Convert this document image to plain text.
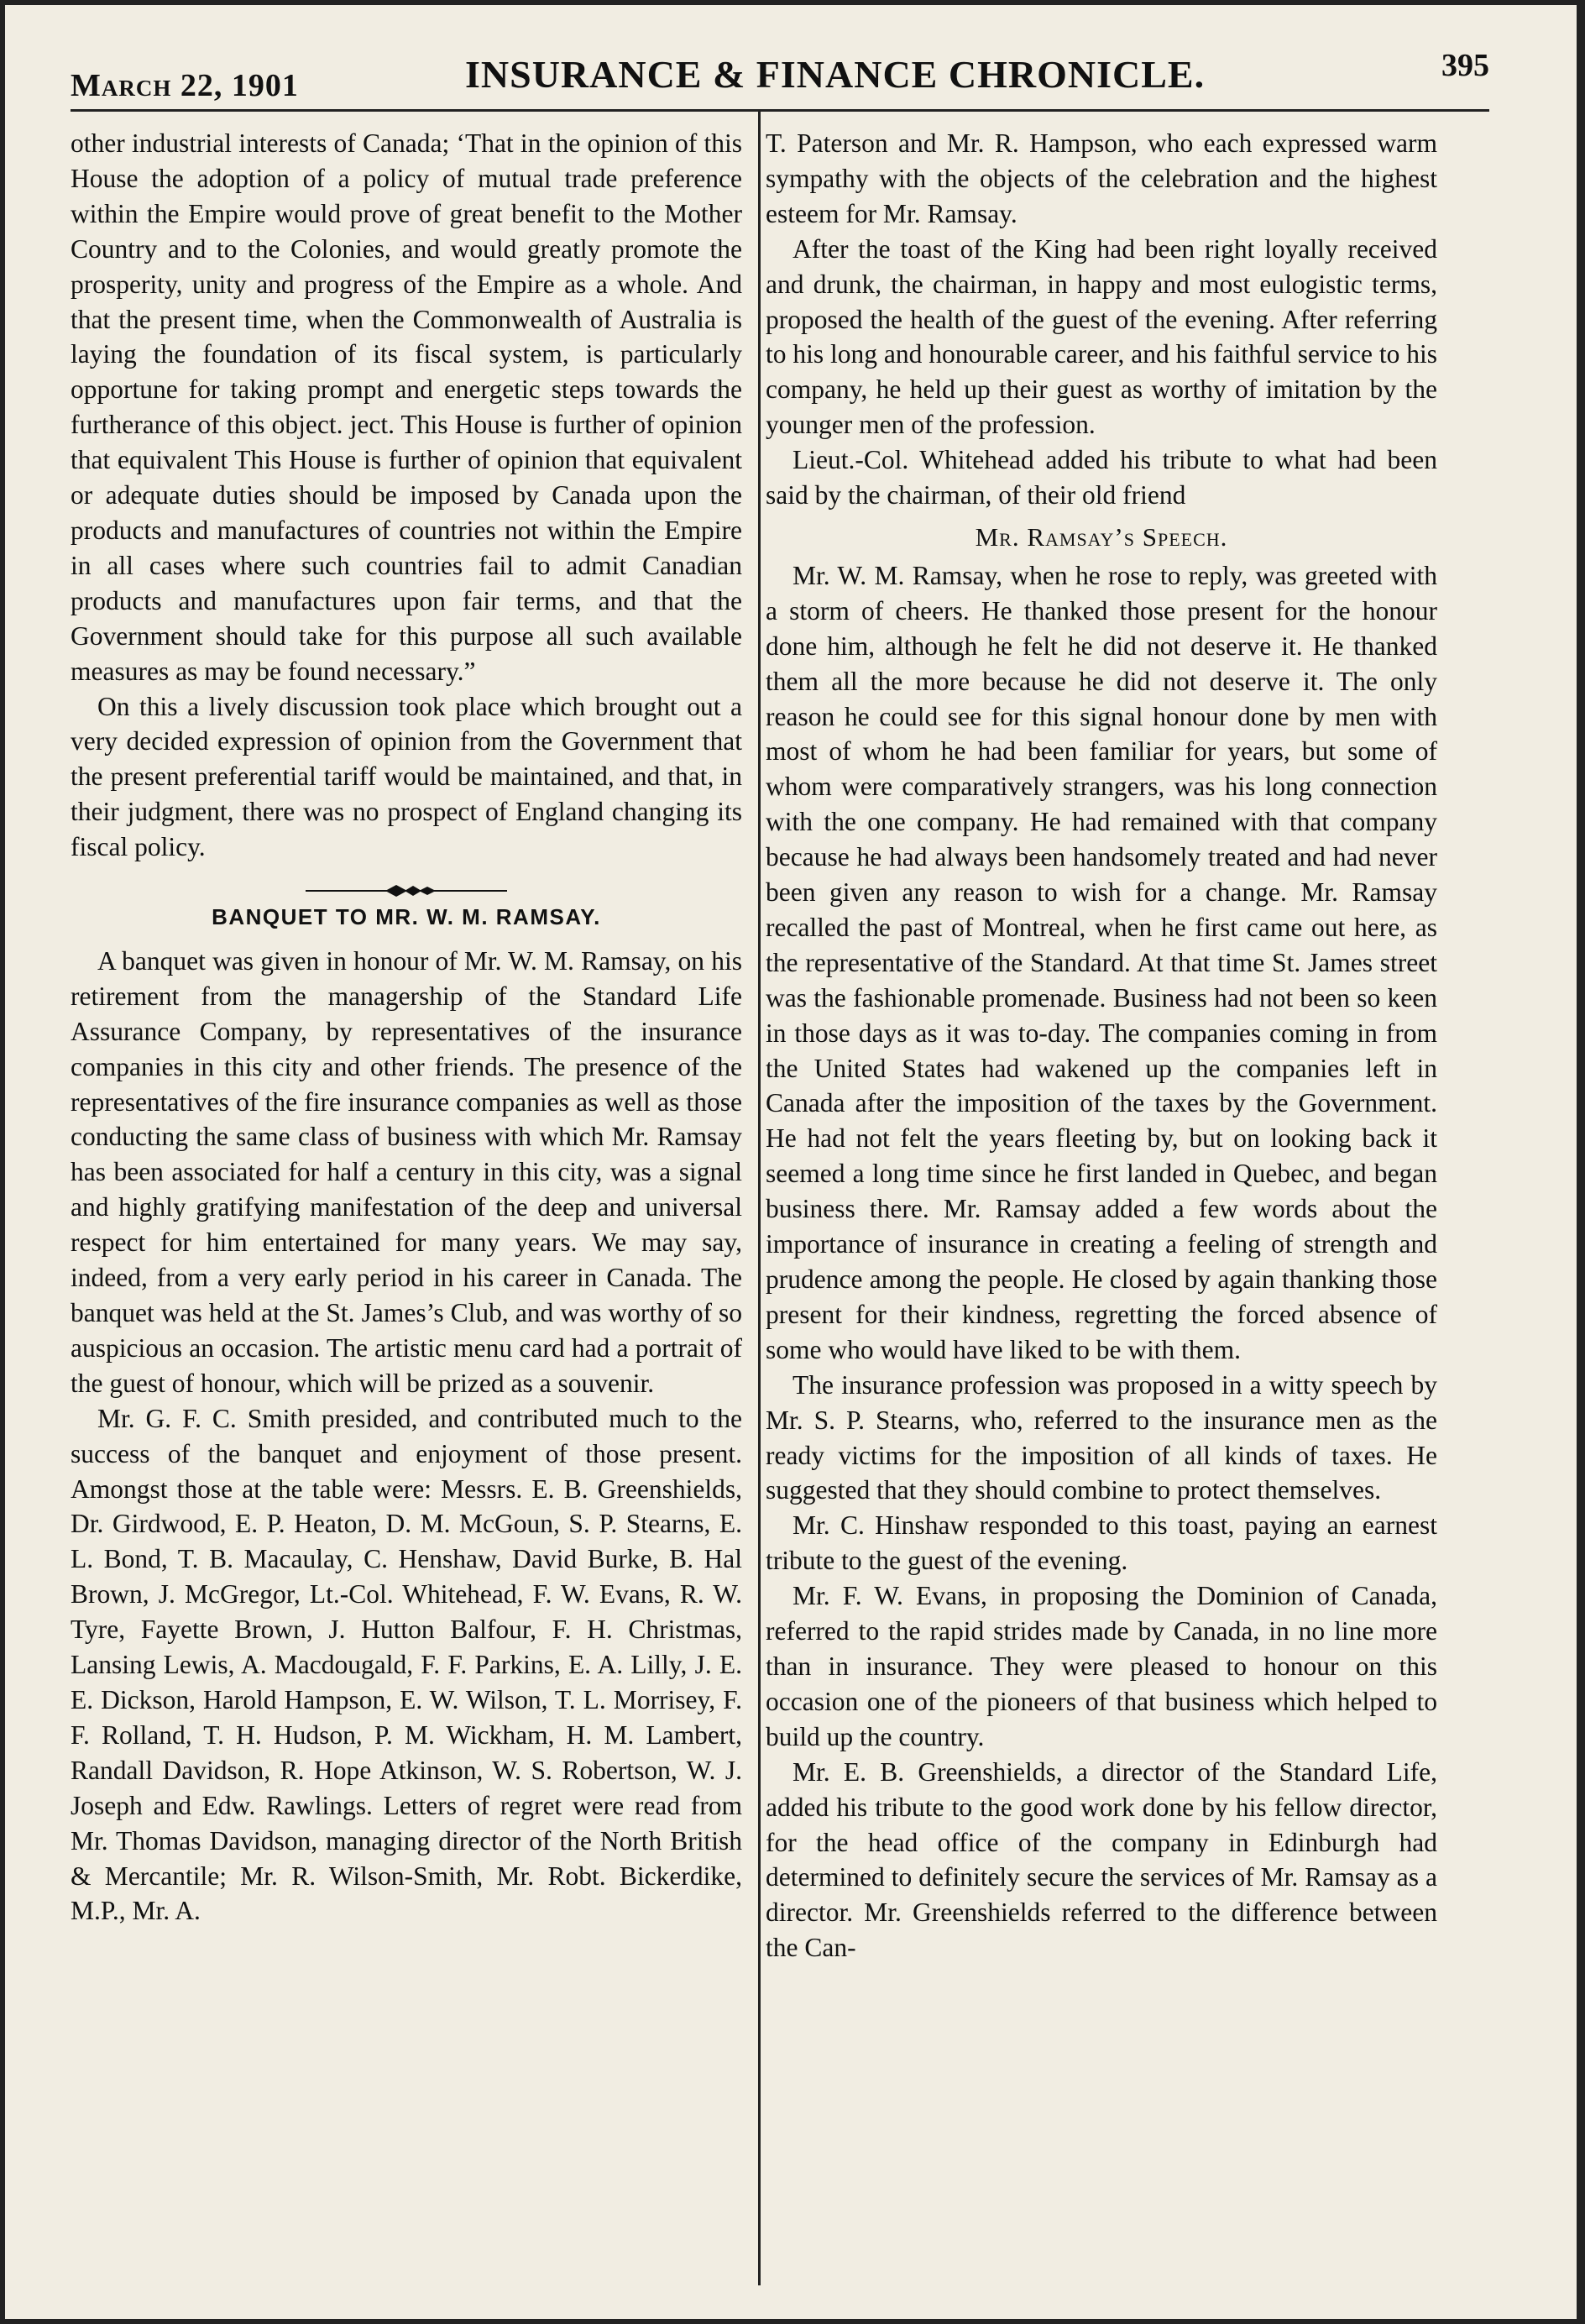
March 22, 1901	INSURANCE & FINANCE CHRONICLE.	395

other industrial interests of Canada; ‘That in the opinion of this House the adoption of a policy of mutual trade preference within the Empire would prove of great benefit to the Mother Country and to the Colonies, and would greatly promote the prosperity, unity and progress of the Empire as a whole. And that the present time, when the Commonwealth of Australia is laying the foundation of its fiscal system, is particularly opportune for taking prompt and energetic steps towards the furtherance of this object. ject. This House is further of opinion that equivalent This House is further of opinion that equivalent or adequate duties should be imposed by Canada upon the products and manufactures of countries not within the Empire in all cases where such countries fail to admit Canadian products and manufactures upon fair terms, and that the Government should take for this purpose all such available measures as may be found necessary.”

On this a lively discussion took place which brought out a very decided expression of opinion from the Government that the present preferential tariff would be maintained, and that, in their judgment, there was no prospect of England changing its fiscal policy.

BANQUET TO MR. W. M. RAMSAY.

A banquet was given in honour of Mr. W. M. Ramsay, on his retirement from the managership of the Standard Life Assurance Company, by representatives of the insurance companies in this city and other friends. The presence of the representatives of the fire insurance companies as well as those conducting the same class of business with which Mr. Ramsay has been associated for half a century in this city, was a signal and highly gratifying manifestation of the deep and universal respect for him entertained for many years. We may say, indeed, from a very early period in his career in Canada. The banquet was held at the St. James’s Club, and was worthy of so auspicious an occasion. The artistic menu card had a portrait of the guest of honour, which will be prized as a souvenir.

Mr. G. F. C. Smith presided, and contributed much to the success of the banquet and enjoyment of those present. Amongst those at the table were: Messrs. E. B. Greenshields, Dr. Girdwood, E. P. Heaton, D. M. McGoun, S. P. Stearns, E. L. Bond, T. B. Macaulay, C. Henshaw, David Burke, B. Hal Brown, J. McGregor, Lt.-Col. Whitehead, F. W. Evans, R. W. Tyre, Fayette Brown, J. Hutton Balfour, F. H. Christmas, Lansing Lewis, A. Macdougald, F. F. Parkins, E. A. Lilly, J. E. E. Dickson, Harold Hampson, E. W. Wilson, T. L. Morrisey, F. F. Rolland, T. H. Hudson, P. M. Wickham, H. M. Lambert, Randall Davidson, R. Hope Atkinson, W. S. Robertson, W. J. Joseph and Edw. Rawlings. Letters of regret were read from Mr. Thomas Davidson, managing director of the North British & Mercantile; Mr. R. Wilson-Smith, Mr. Robt. Bickerdike, M.P., Mr. A.

T. Paterson and Mr. R. Hampson, who each expressed warm sympathy with the objects of the celebration and the highest esteem for Mr. Ramsay.

After the toast of the King had been right loyally received and drunk, the chairman, in happy and most eulogistic terms, proposed the health of the guest of the evening. After referring to his long and honourable career, and his faithful service to his company, he held up their guest as worthy of imitation by the younger men of the profession.

Lieut.-Col. Whitehead added his tribute to what had been said by the chairman, of their old friend

Mr. Ramsay’s Speech.

Mr. W. M. Ramsay, when he rose to reply, was greeted with a storm of cheers. He thanked those present for the honour done him, although he felt he did not deserve it. He thanked them all the more because he did not deserve it. The only reason he could see for this signal honour done by men with most of whom he had been familiar for years, but some of whom were comparatively strangers, was his long connection with the one company. He had remained with that company because he had always been handsomely treated and had never been given any reason to wish for a change. Mr. Ramsay recalled the past of Montreal, when he first came out here, as the representative of the Standard. At that time St. James street was the fashionable promenade. Business had not been so keen in those days as it was to-day. The companies coming in from the United States had wakened up the companies left in Canada after the imposition of the taxes by the Government. He had not felt the years fleeting by, but on looking back it seemed a long time since he first landed in Quebec, and began business there. Mr. Ramsay added a few words about the importance of insurance in creating a feeling of strength and prudence among the people. He closed by again thanking those present for their kindness, regretting the forced absence of some who would have liked to be with them.

The insurance profession was proposed in a witty speech by Mr. S. P. Stearns, who, referred to the insurance men as the ready victims for the imposition of all kinds of taxes. He suggested that they should combine to protect themselves.

Mr. C. Hinshaw responded to this toast, paying an earnest tribute to the guest of the evening.

Mr. F. W. Evans, in proposing the Dominion of Canada, referred to the rapid strides made by Canada, in no line more than in insurance. They were pleased to honour on this occasion one of the pioneers of that business which helped to build up the country.

Mr. E. B. Greenshields, a director of the Standard Life, added his tribute to the good work done by his fellow director, for the head office of the company in Edinburgh had determined to definitely secure the services of Mr. Ramsay as a director. Mr. Greenshields referred to the difference between the Can-
